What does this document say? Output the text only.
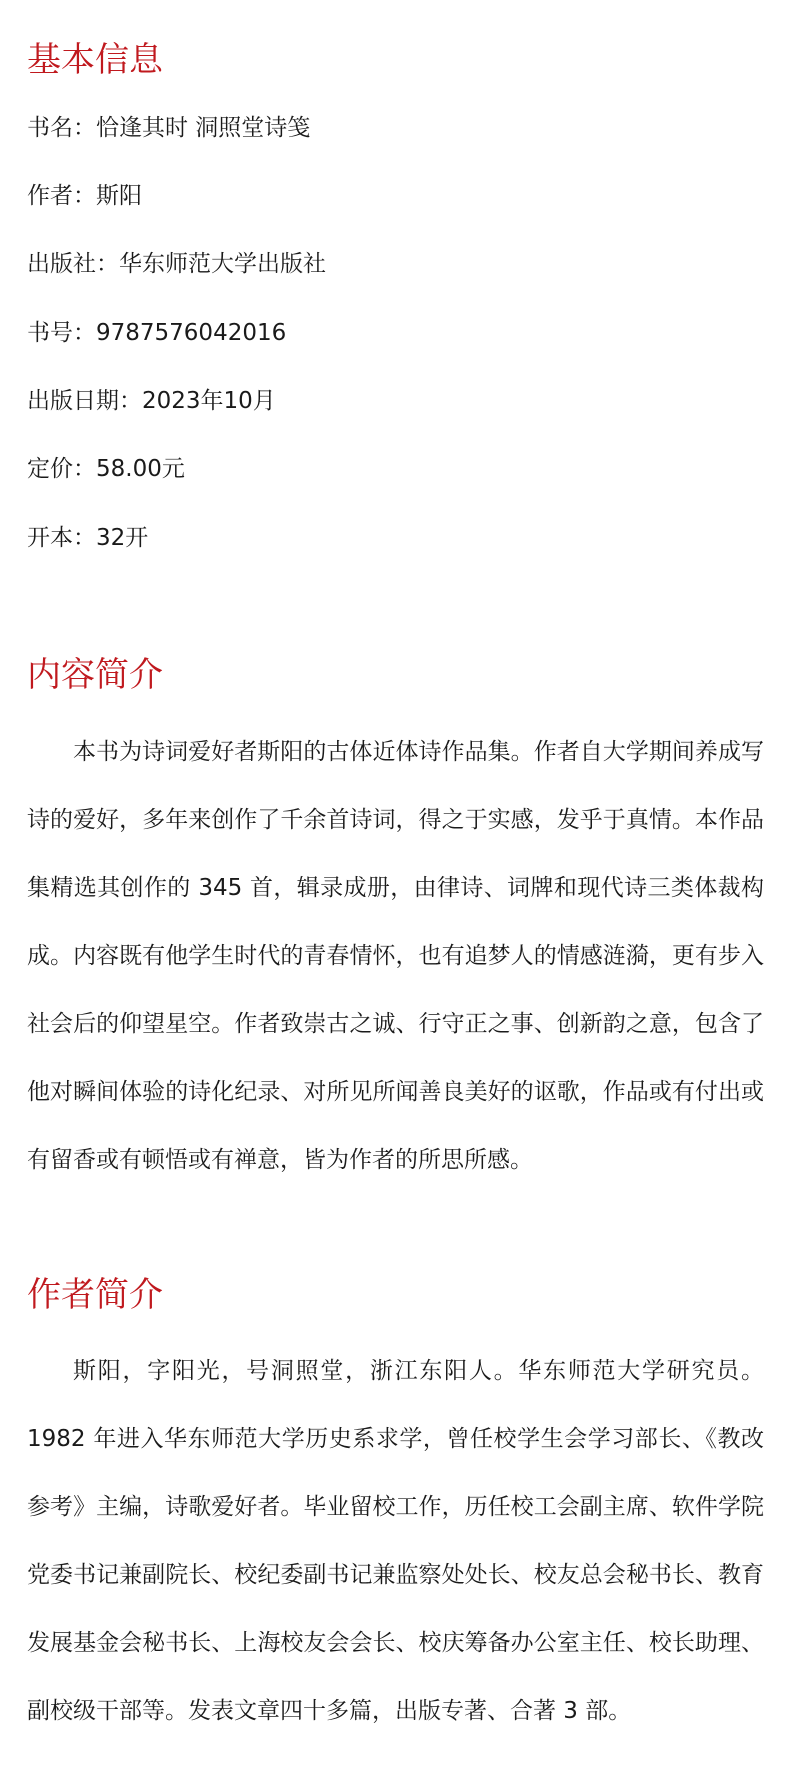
基本信息
书名：恰逢其时 洞照堂诗笺
作者：斯阳
出版社：华东师范大学出版社
书号：9787576042016
出版日期：2023年10月
定价：58.00元
开本：32开
内容简介

本书为诗词爱好者斯阳的古体近体诗作品集。作者自大学期间养成写诗的爱好，多年来创作了千余首诗词，得之于实感，发乎于真情。本作品集精选其创作的 345 首，辑录成册，由律诗、词牌和现代诗三类体裁构成。内容既有他学生时代的青春情怀，也有追梦人的情感涟漪，更有步入社会后的仰望星空。作者致崇古之诚、行守正之事、创新韵之意，包含了他对瞬间体验的诗化纪录、对所见所闻善良美好的讴歌，作品或有付出或有留香或有顿悟或有禅意，皆为作者的所思所感。

作者简介

斯阳，字阳光，号洞照堂，浙江东阳人。华东师范大学研究员。1982 年进入华东师范大学历史系求学，曾任校学生会学习部长、《教改参考》主编，诗歌爱好者。毕业留校工作，历任校工会副主席、软件学院党委书记兼副院长、校纪委副书记兼监察处处长、校友总会秘书长、教育发展基金会秘书长、上海校友会会长、校庆筹备办公室主任、校长助理、副校级干部等。发表文章四十多篇，出版专著、合著 3 部。
